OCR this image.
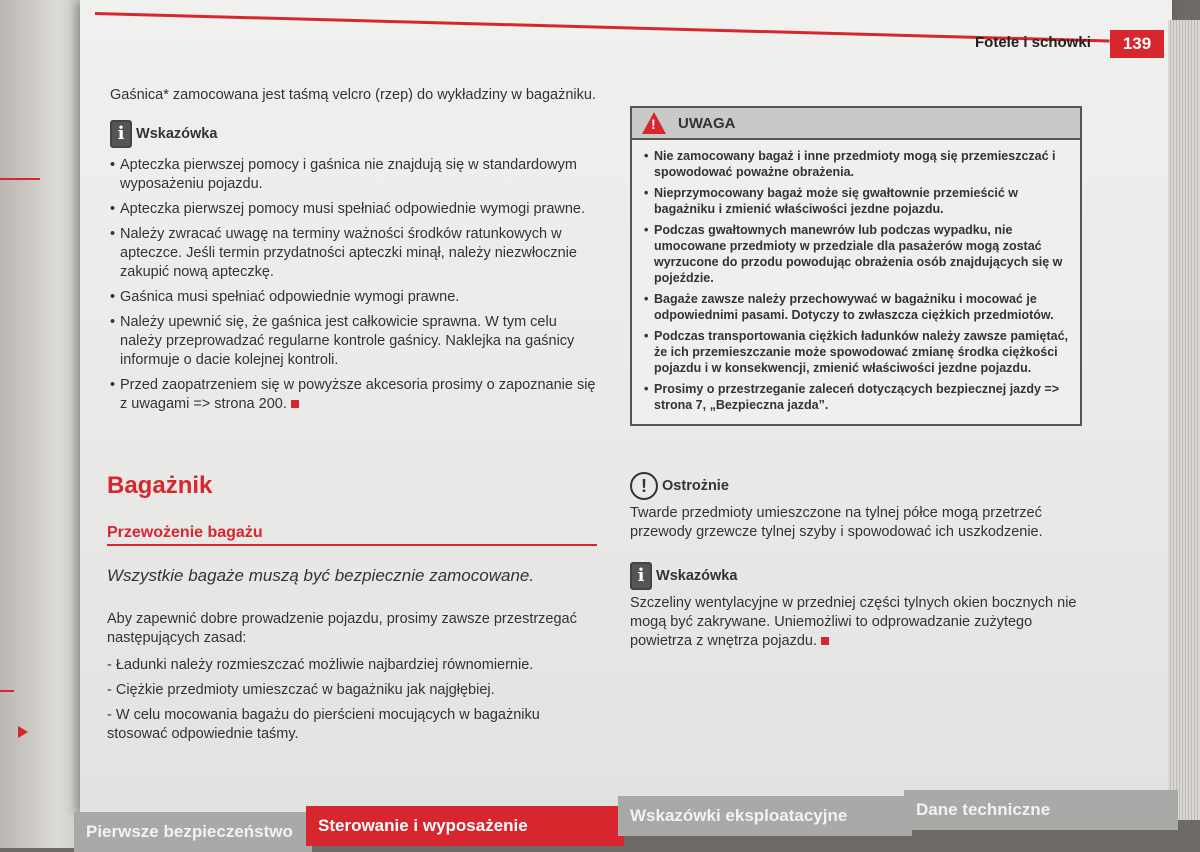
Fotele i schowki	139

Gaśnica* zamocowana jest taśmą velcro (rzep) do wykładziny w bagażniku.

i Wskazówka
• Apteczka pierwszej pomocy i gaśnica nie znajdują się w standardowym wyposażeniu pojazdu.
• Apteczka pierwszej pomocy musi spełniać odpowiednie wymogi prawne.
• Należy zwracać uwagę na terminy ważności środków ratunkowych w apteczce. Jeśli termin przydatności apteczki minął, należy niezwłocznie zakupić nową apteczkę.
• Gaśnica musi spełniać odpowiednie wymogi prawne.
• Należy upewnić się, że gaśnica jest całkowicie sprawna. W tym celu należy przeprowadzać regularne kontrole gaśnicy. Naklejka na gaśnicy informuje o dacie kolejnej kontroli.
• Przed zaopatrzeniem się w powyższe akcesoria prosimy o zapoznanie się z uwagami => strona 200.
Bagażnik
Przewożenie bagażu
Wszystkie bagaże muszą być bezpiecznie zamocowane.

Aby zapewnić dobre prowadzenie pojazdu, prosimy zawsze przestrzegać następujących zasad:

- Ładunki należy rozmieszczać możliwie najbardziej równomiernie.

- Ciężkie przedmioty umieszczać w bagażniku jak najgłębiej.

- W celu mocowania bagażu do pierścieni mocujących w bagażniku stosować odpowiednie taśmy.

!
UWAGA
• Nie zamocowany bagaż i inne przedmioty mogą się przemieszczać i spowodować poważne obrażenia.
• Nieprzymocowany bagaż może się gwałtownie przemieścić w bagażniku i zmienić właściwości jezdne pojazdu.
• Podczas gwałtownych manewrów lub podczas wypadku, nie umocowane przedmioty w przedziale dla pasażerów mogą zostać wyrzucone do przodu powodując obrażenia osób znajdujących się w pojeździe.
• Bagaże zawsze należy przechowywać w bagażniku i mocować je odpowiednimi pasami. Dotyczy to zwłaszcza ciężkich przedmiotów.
• Podczas transportowania ciężkich ładunków należy zawsze pamiętać, że ich przemieszczanie może spowodować zmianę środka ciężkości pojazdu i w konsekwencji, zmienić właściwości jezdne pojazdu.
• Prosimy o przestrzeganie zaleceń dotyczących bezpiecznej jazdy => strona 7, „Bezpieczna jazda”.
! Ostrożnie

Twarde przedmioty umieszczone na tylnej półce mogą przetrzeć przewody grzewcze tylnej szyby i spowodować ich uszkodzenie.

i Wskazówka

Szczeliny wentylacyjne w przedniej części tylnych okien bocznych nie mogą być zakrywane. Uniemożliwi to odprowadzanie zużytego powietrza z wnętrza pojazdu.

Pierwsze bezpieczeństwo	Sterowanie i wyposażenie
Wskazówki eksploatacyjne	Dane techniczne
